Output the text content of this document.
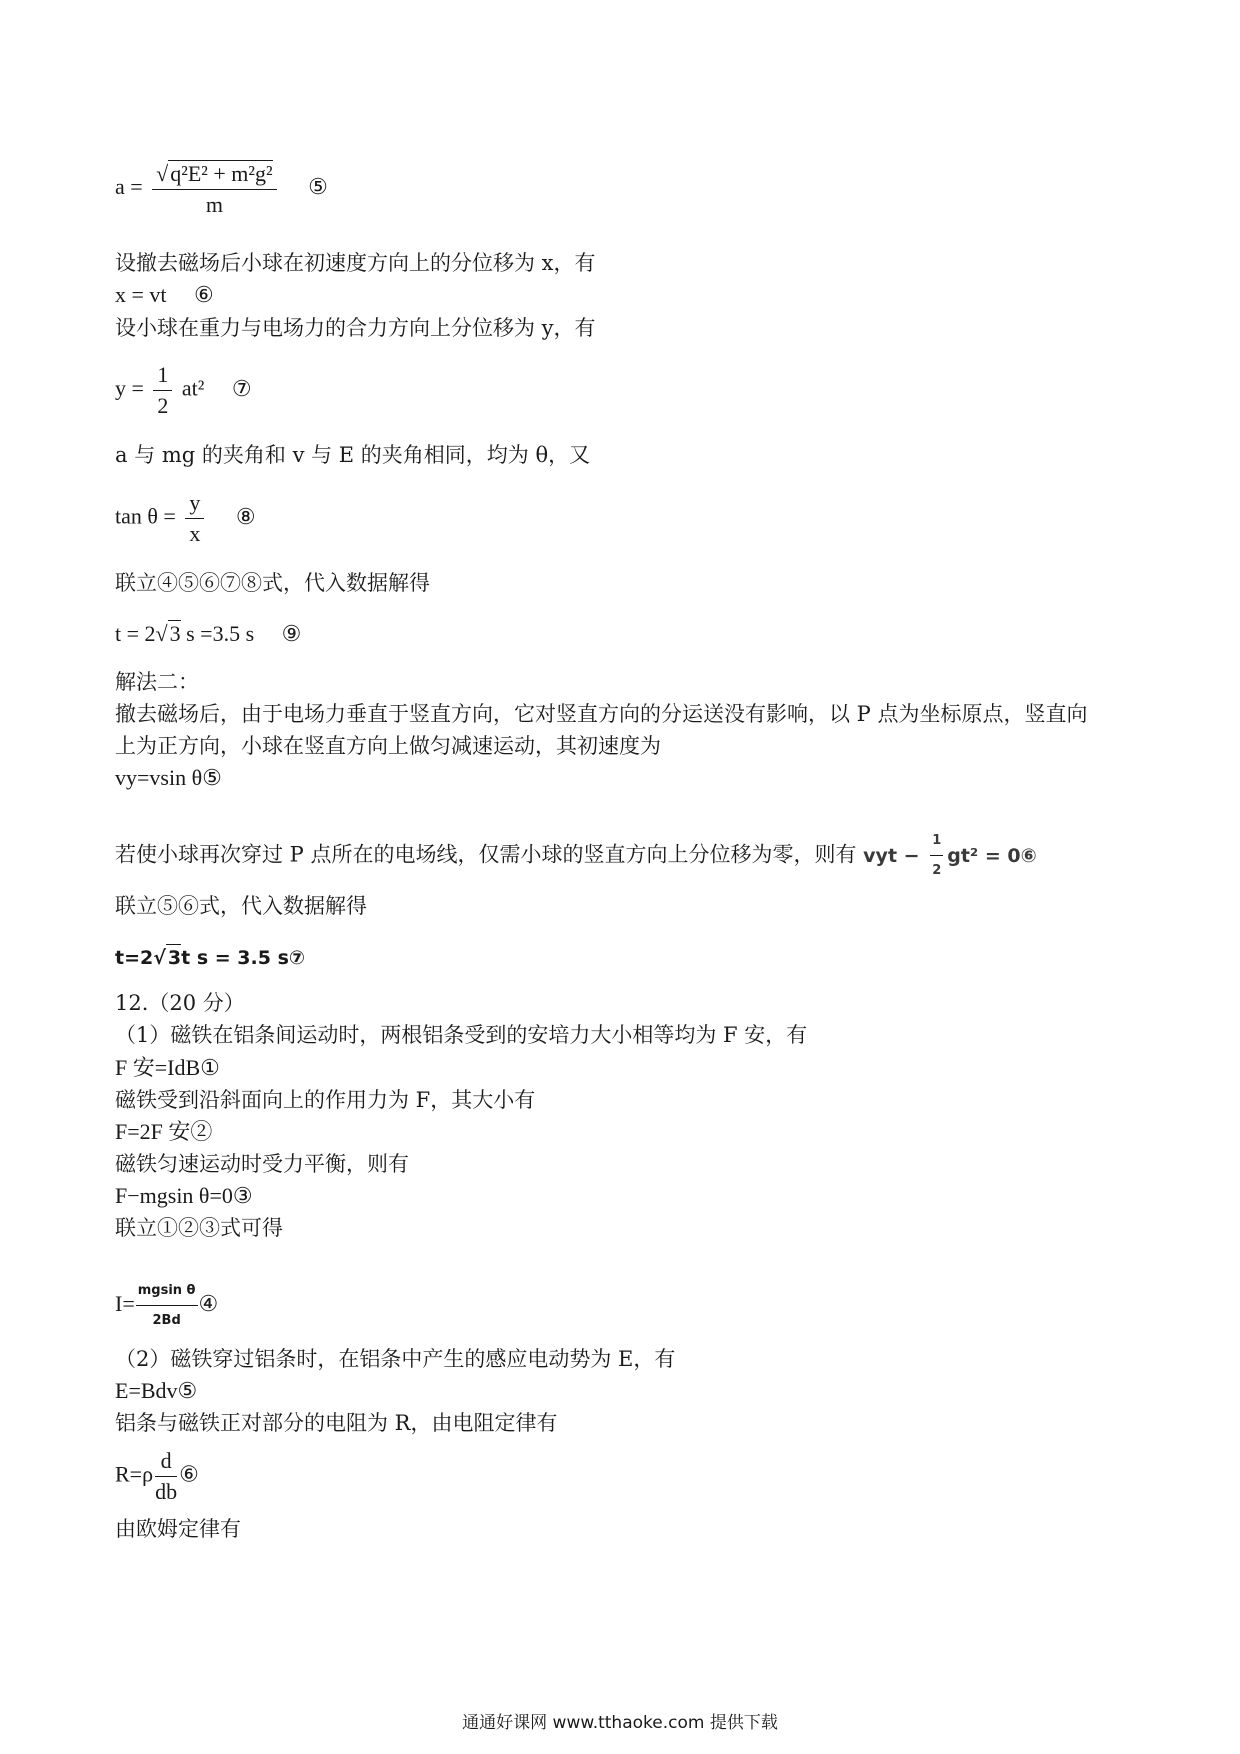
$a = \frac{\text{√q²E² + m²g²}}{m}$ ⑤
设撤去磁场后小球在初速度方向上的分位移为 x，有
x = vt ⑥
设小球在重力与电场力的合力方向上分位移为 y，有
$y = \frac{1}{2} at^2$ ⑦
a 与 mg 的夹角和 v 与 E 的夹角相同，均为 θ，又
$\tan \theta = \frac{y}{x}$ ⑧
联立④⑤⑥⑦⑧式，代入数据解得
t = 2√3 s =3.5 s ⑨
解法二：
撤去磁场后，由于电场力垂直于竖直方向，它对竖直方向的分运送没有影响，以 P 点为坐标原点，竖直向
上为正方向，小球在竖直方向上做匀减速运动，其初速度为
vy=vsin θ⑤
若使小球再次穿过 P 点所在的电场线，仅需小球的竖直方向上分位移为零，则有 vyt − $\frac{1}{2} gt^2$ = 0⑥
联立⑤⑥式，代入数据解得
t=2√ 3t s = 3.5 s⑦
12.（20 分）
（1）磁铁在铝条间运动时，两根铝条受到的安培力大小相等均为 F 安，有
F 安=IdB①
磁铁受到沿斜面向上的作用力为 F，其大小有
F=2F 安②
磁铁匀速运动时受力平衡，则有
F−mgsin θ=0③
联立①②③式可得
$I= \frac{\text{mgsin θ}}{2Bd}$ ④
（2）磁铁穿过铝条时，在铝条中产生的感应电动势为 E，有
E=Bdv⑤
铝条与磁铁正对部分的电阻为 R，由电阻定律有
$R=\rho \frac{d}{db}$ ⑥
由欧姆定律有
通通好课网 www.tthaoke.com 提供下载
